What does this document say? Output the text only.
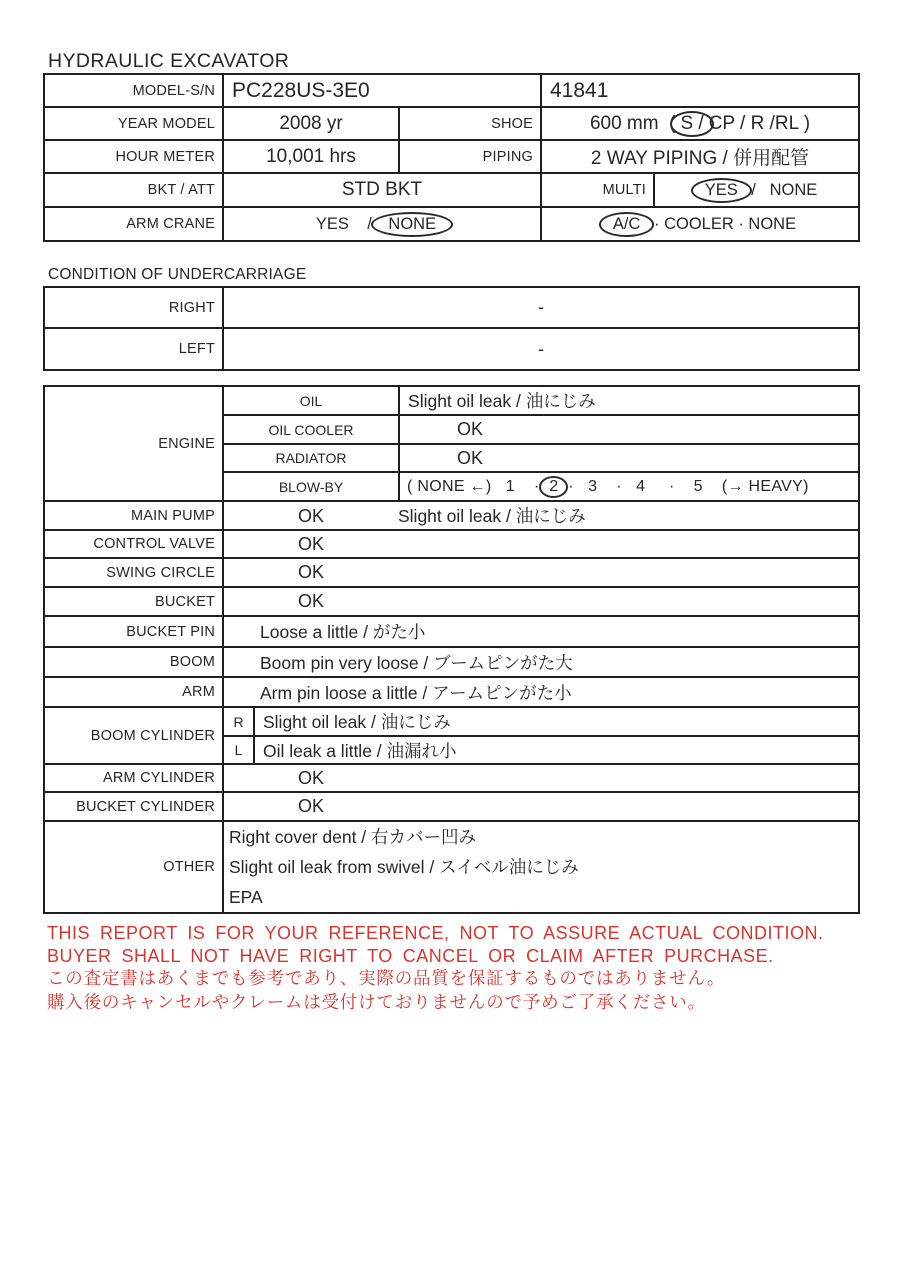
HYDRAULIC EXCAVATOR
MODEL-S/N	PC228US-3E0		41841	
YEAR MODEL	2008 yr	SHOE	600 mm  ( S / CP / R /RL )	
HOUR METER	10,001 hrs	PIPING	2 WAY PIPING / 併用配管	
BKT / ATT	STD BKT		MULTI	YES /   NONE
ARM CRANE	YES    / NONE		A/C · COOLER · NONE	
CONDITION OF UNDERCARRIAGE
RIGHT	-
LEFT	-
ENGINE	OIL		Slight oil leak / 油にじみ
	OIL COOLER		OK
	RADIATOR		OK
	BLOW-BY		( NONE ←)   1    · 2 ·   3    ·   4     ·    5    (→ HEAVY)
MAIN PUMP	OK Slight oil leak / 油にじみ		
CONTROL VALVE	OK		
SWING CIRCLE	OK		
BUCKET	OK		
BUCKET PIN	Loose a little / がた小		
BOOM	Boom pin very loose / ブームピンがた大		
ARM	Arm pin loose a little / アームピンがた小		
BOOM CYLINDER	R	Slight oil leak / 油にじみ	
	L	Oil leak a little / 油漏れ小	
ARM CYLINDER	OK		
BUCKET CYLINDER	OK		
OTHER	Right cover dent / 右カバー凹み
Slight oil leak from swivel / スイベル油にじみ
EPA		
THIS REPORT IS FOR YOUR REFERENCE, NOT TO ASSURE ACTUAL CONDITION.
BUYER SHALL NOT HAVE RIGHT TO CANCEL OR CLAIM AFTER PURCHASE.
この査定書はあくまでも参考であり、実際の品質を保証するものではありません。
購入後のキャンセルやクレームは受付けておりませんので予めご了承ください。
